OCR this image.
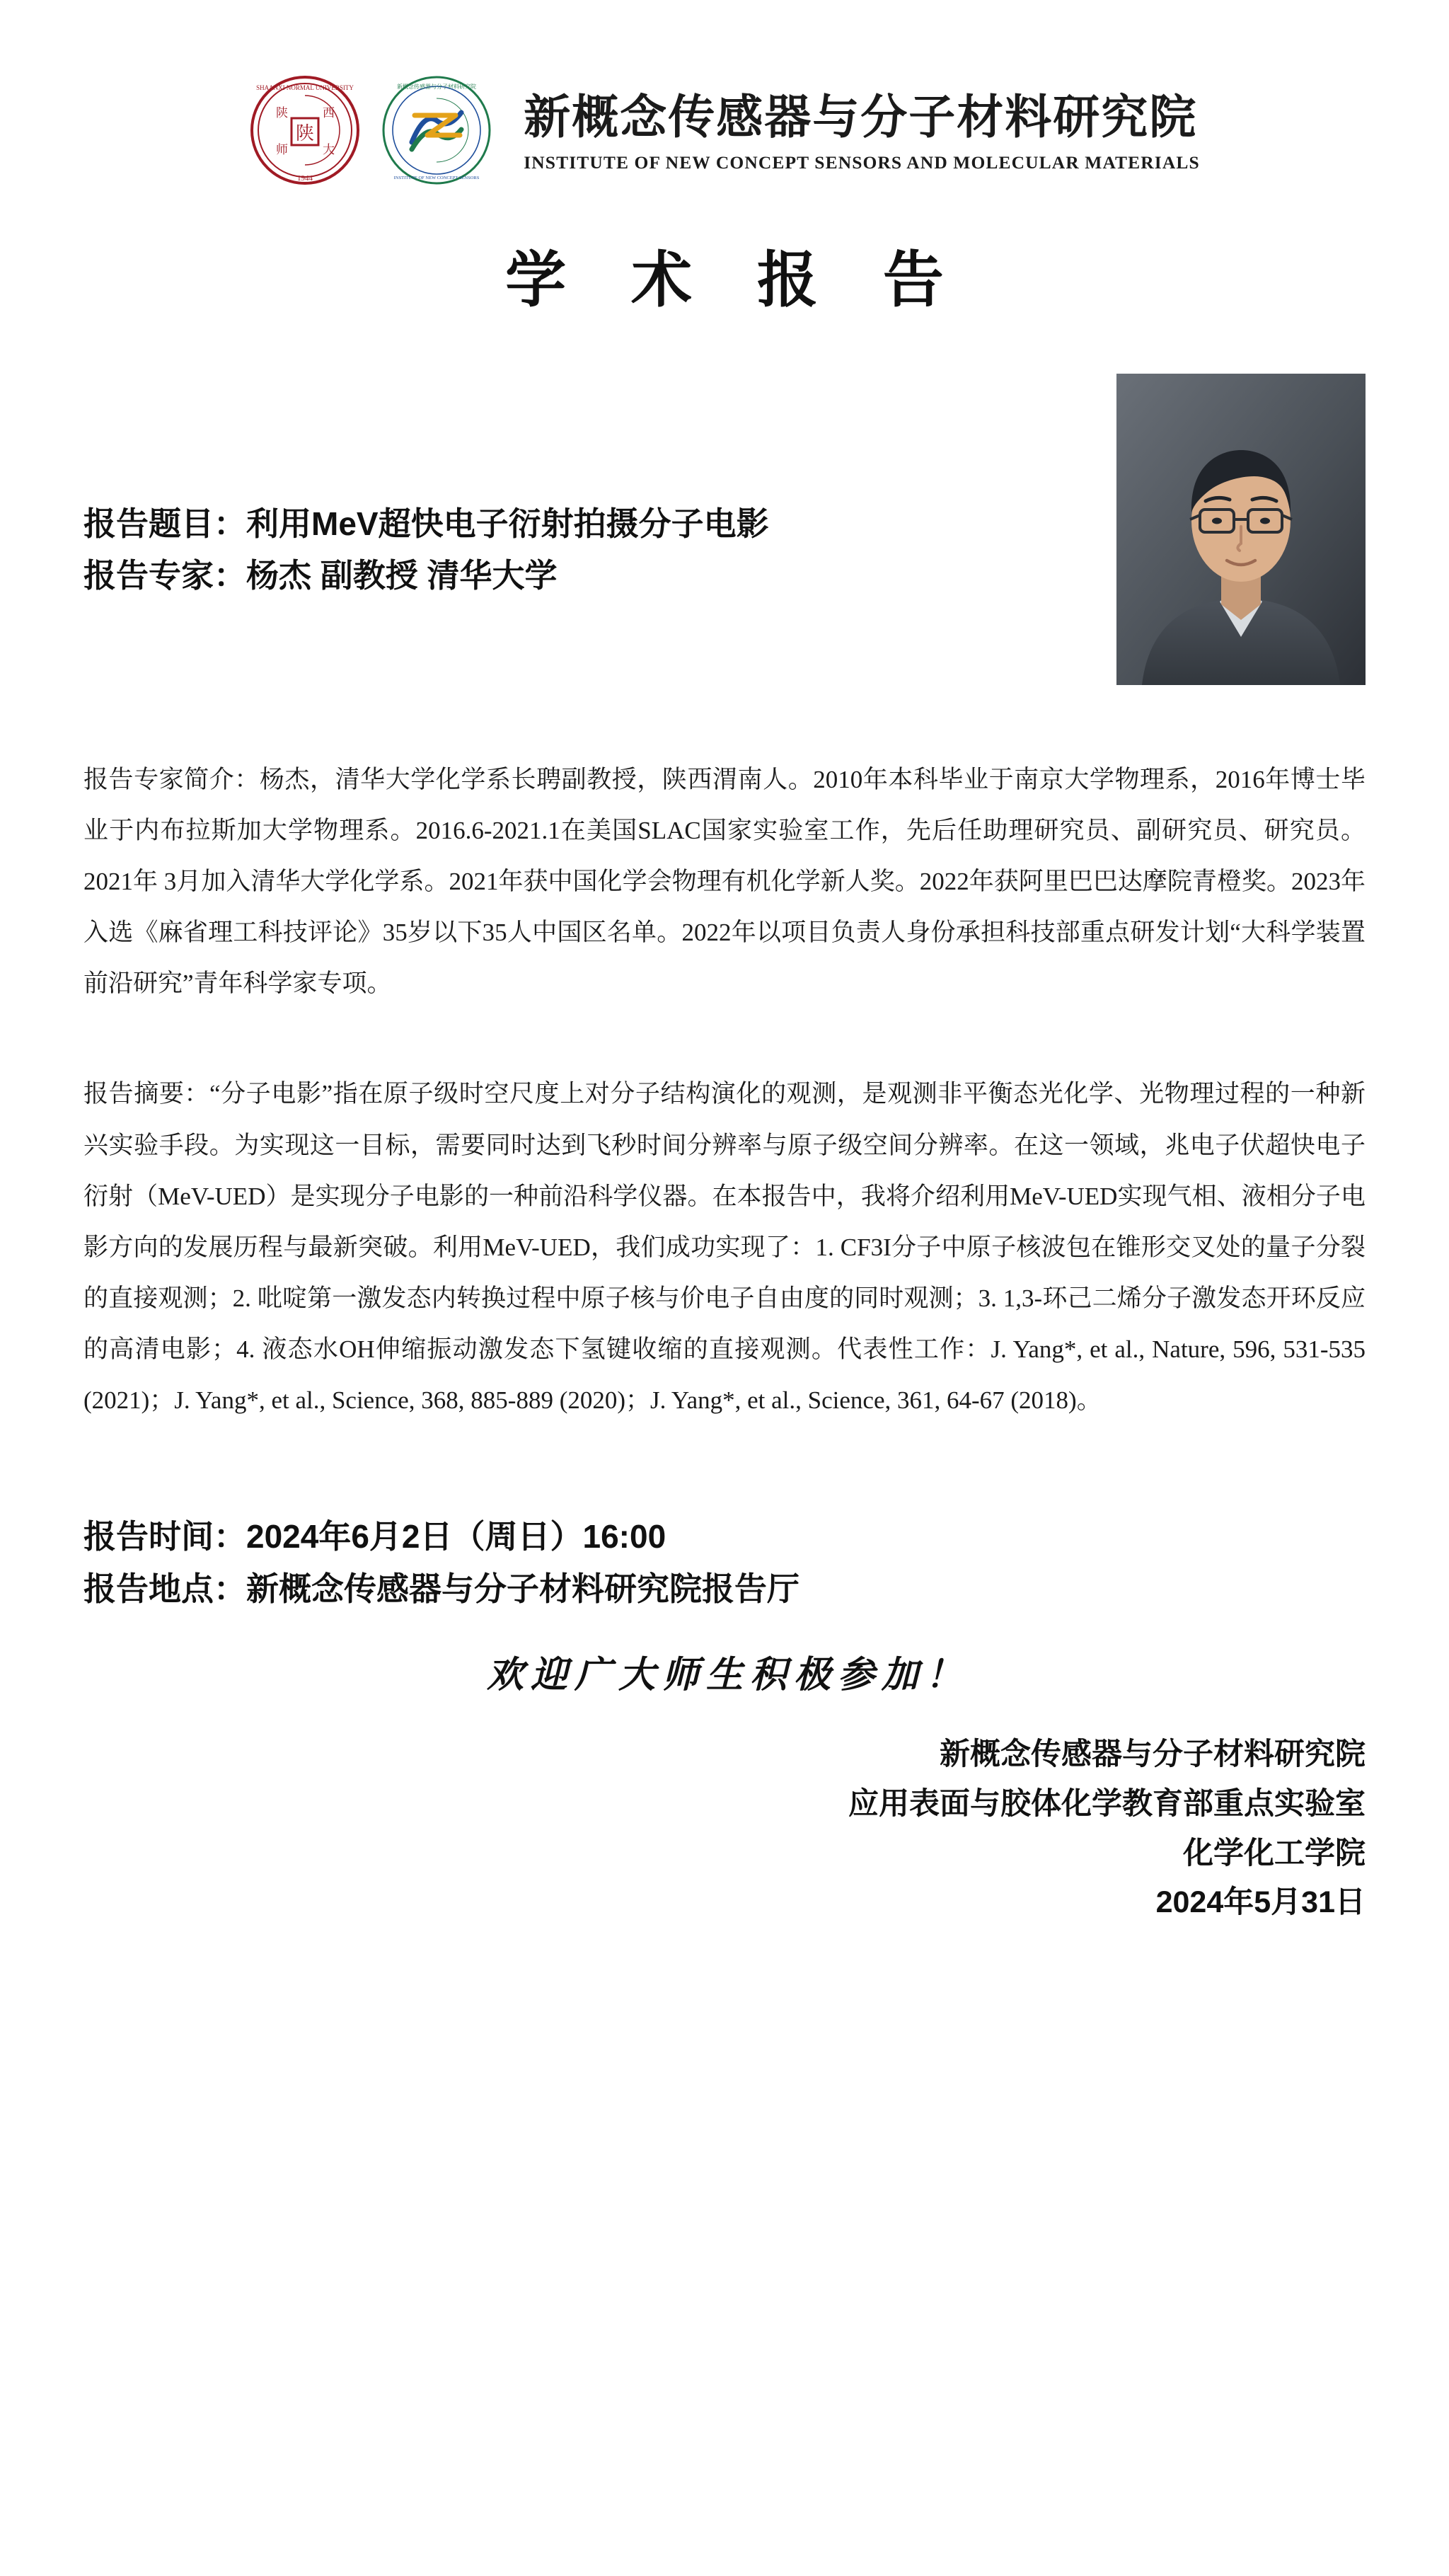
SHAANXI NORMAL UNIVERSITY
1944
陕	西
师	大
陕
新概念传感器与分子材料研究院
INSTITUTE OF NEW CONCEPT SENSORS
新概念传感器与分子材料研究院
INSTITUTE OF NEW CONCEPT SENSORS AND MOLECULAR MATERIALS
学 术 报 告
报告题目：利用MeV超快电子衍射拍摄分子电影
报告专家：杨杰 副教授 清华大学
报告专家简介：杨杰，清华大学化学系长聘副教授，陕西渭南人。2010年本科毕业于南京大学物理系，2016年博士毕业于内布拉斯加大学物理系。2016.6-2021.1在美国SLAC国家实验室工作，先后任助理研究员、副研究员、研究员。2021年 3月加入清华大学化学系。2021年获中国化学会物理有机化学新人奖。2022年获阿里巴巴达摩院青橙奖。2023年入选《麻省理工科技评论》35岁以下35人中国区名单。2022年以项目负责人身份承担科技部重点研发计划“大科学装置前沿研究”青年科学家专项。
报告摘要：“分子电影”指在原子级时空尺度上对分子结构演化的观测，是观测非平衡态光化学、光物理过程的一种新兴实验手段。为实现这一目标，需要同时达到飞秒时间分辨率与原子级空间分辨率。在这一领域，兆电子伏超快电子衍射（MeV-UED）是实现分子电影的一种前沿科学仪器。在本报告中，我将介绍利用MeV-UED实现气相、液相分子电影方向的发展历程与最新突破。利用MeV-UED，我们成功实现了：1. CF3I分子中原子核波包在锥形交叉处的量子分裂的直接观测；2. 吡啶第一激发态内转换过程中原子核与价电子自由度的同时观测；3. 1,3-环己二烯分子激发态开环反应的高清电影；4. 液态水OH伸缩振动激发态下氢键收缩的直接观测。代表性工作：J. Yang*, et al., Nature, 596, 531-535 (2021)；J. Yang*, et al., Science, 368, 885-889 (2020)；J. Yang*, et al., Science, 361, 64-67 (2018)。
报告时间：2024年6月2日（周日）16:00
报告地点：新概念传感器与分子材料研究院报告厅
欢迎广大师生积极参加！
新概念传感器与分子材料研究院
应用表面与胶体化学教育部重点实验室
化学化工学院
2024年5月31日
